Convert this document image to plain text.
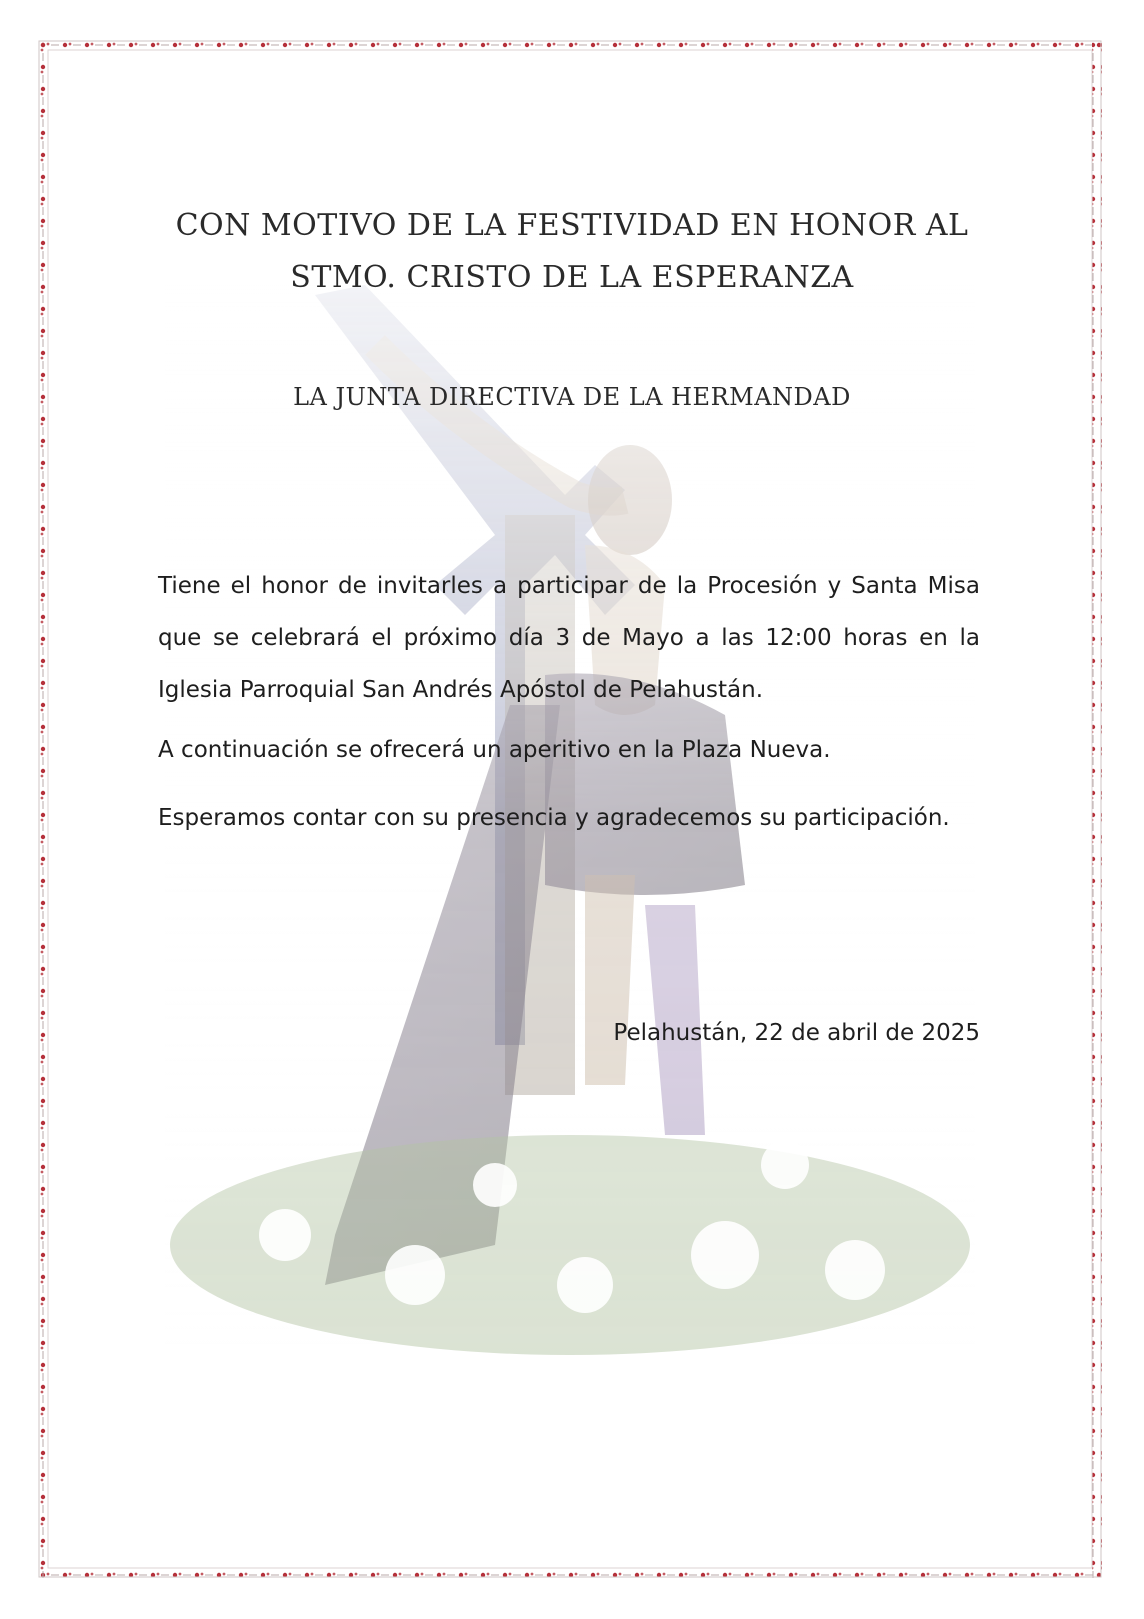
CON MOTIVO DE LA FESTIVIDAD EN HONOR AL
STMO. CRISTO DE LA ESPERANZA
LA JUNTA DIRECTIVA DE LA HERMANDAD

Tiene el honor de invitarles a participar de la Procesión y Santa Misa que se celebrará el próximo día 3 de Mayo a las 12:00 horas en la Iglesia Parroquial San Andrés Apóstol de Pelahustán.

A continuación se ofrecerá un aperitivo en la Plaza Nueva.

Esperamos contar con su presencia y agradecemos su participación.

Pelahustán, 22 de abril de 2025
